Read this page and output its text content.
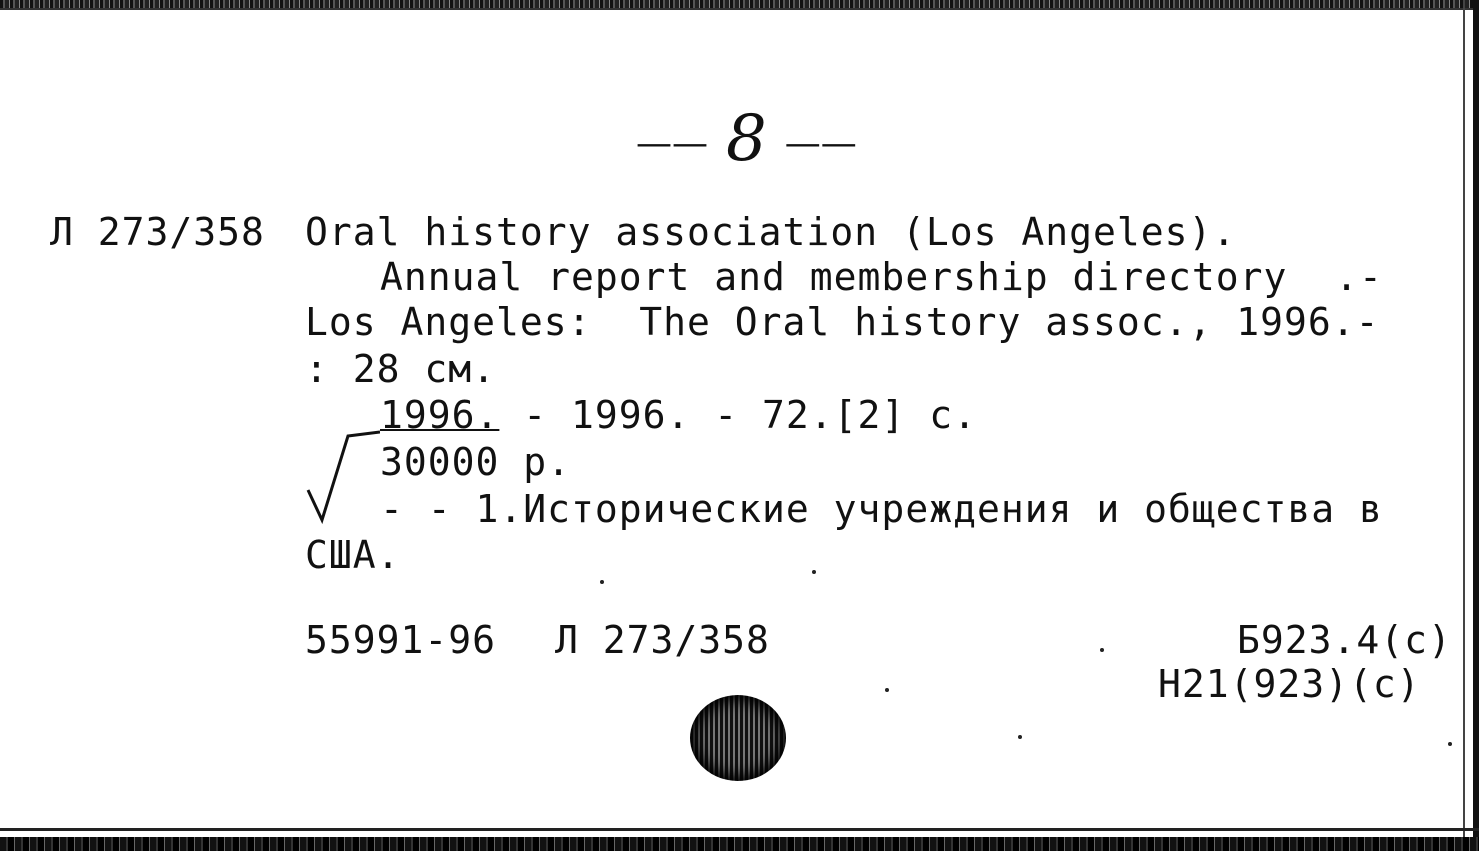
—— 8 ——
Л 273/358 Oral history association (Los Angeles).
Annual report and membership directory  .-
Los Angeles:  The Oral history assoc., 1996.-
: 28 см.
1996. - 1996. - 72.[2] с.
30000 р.
- - 1.Исторические учреждения и общества в
США.
55991-96 Л 273/358	Б923.4(с)
Н21(923)(с)
